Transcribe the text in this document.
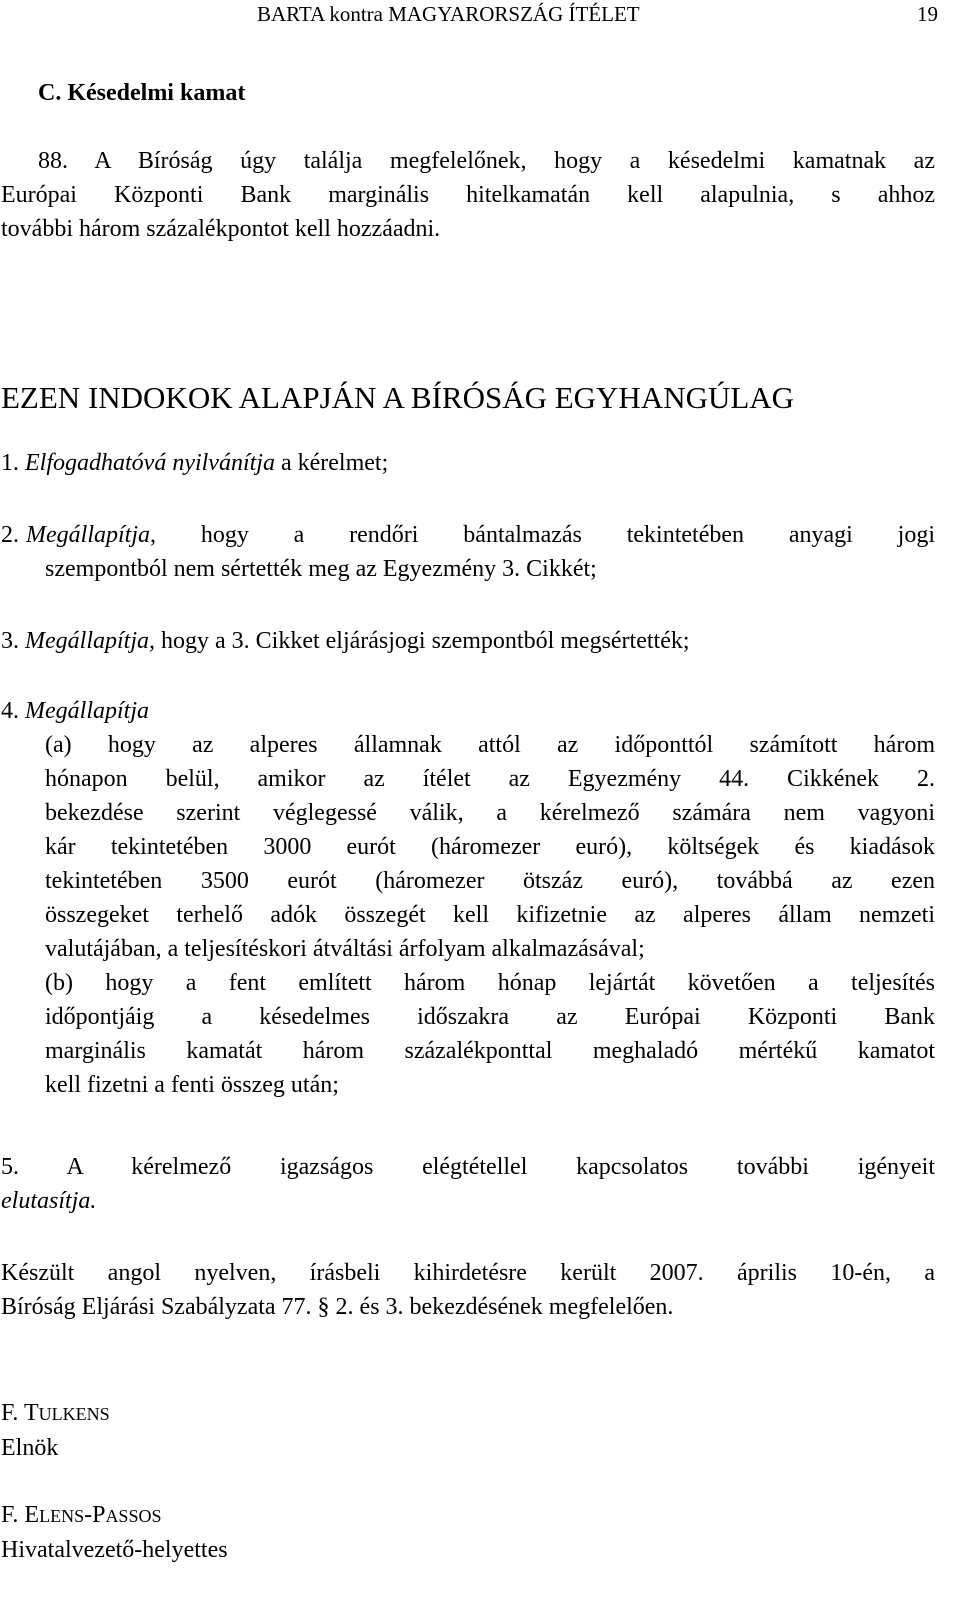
BARTA kontra MAGYARORSZÁG ÍTÉLET	19
C. Késedelmi kamat
88. A Bíróság úgy találja megfelelőnek, hogy a késedelmi kamatnak az
Európai Központi Bank marginális hitelkamatán kell alapulnia, s ahhoz
további három százalékpontot kell hozzáadni.
EZEN INDOKOK ALAPJÁN A BÍRÓSÁG EGYHANGÚLAG
1. Elfogadhatóvá nyilvánítja a kérelmet;
2. Megállapítja, hogy a rendőri bántalmazás tekintetében anyagi jogi
szempontból nem sértették meg az Egyezmény 3. Cikkét;
3. Megállapítja, hogy a 3. Cikket eljárásjogi szempontból megsértették;
4. Megállapítja
(a) hogy az alperes államnak attól az időponttól számított három
hónapon belül, amikor az ítélet az Egyezmény 44. Cikkének 2.
bekezdése szerint véglegessé válik, a kérelmező számára nem vagyoni
kár tekintetében 3000 eurót (háromezer euró), költségek és kiadások
tekintetében 3500 eurót (háromezer ötszáz euró), továbbá az ezen
összegeket terhelő adók összegét kell kifizetnie az alperes állam nemzeti
valutájában, a teljesítéskori átváltási árfolyam alkalmazásával;
(b) hogy a fent említett három hónap lejártát követően a teljesítés
időpontjáig a késedelmes időszakra az Európai Központi Bank
marginális kamatát három százalékponttal meghaladó mértékű kamatot
kell fizetni a fenti összeg után;
5. A kérelmező igazságos elégtétellel kapcsolatos további igényeit
elutasítja.
Készült angol nyelven, írásbeli kihirdetésre került 2007. április 10-én, a
Bíróság Eljárási Szabályzata 77. § 2. és 3. bekezdésének megfelelően.
F. TULKENS
Elnök
F. ELENS-PASSOS
Hivatalvezető-helyettes
